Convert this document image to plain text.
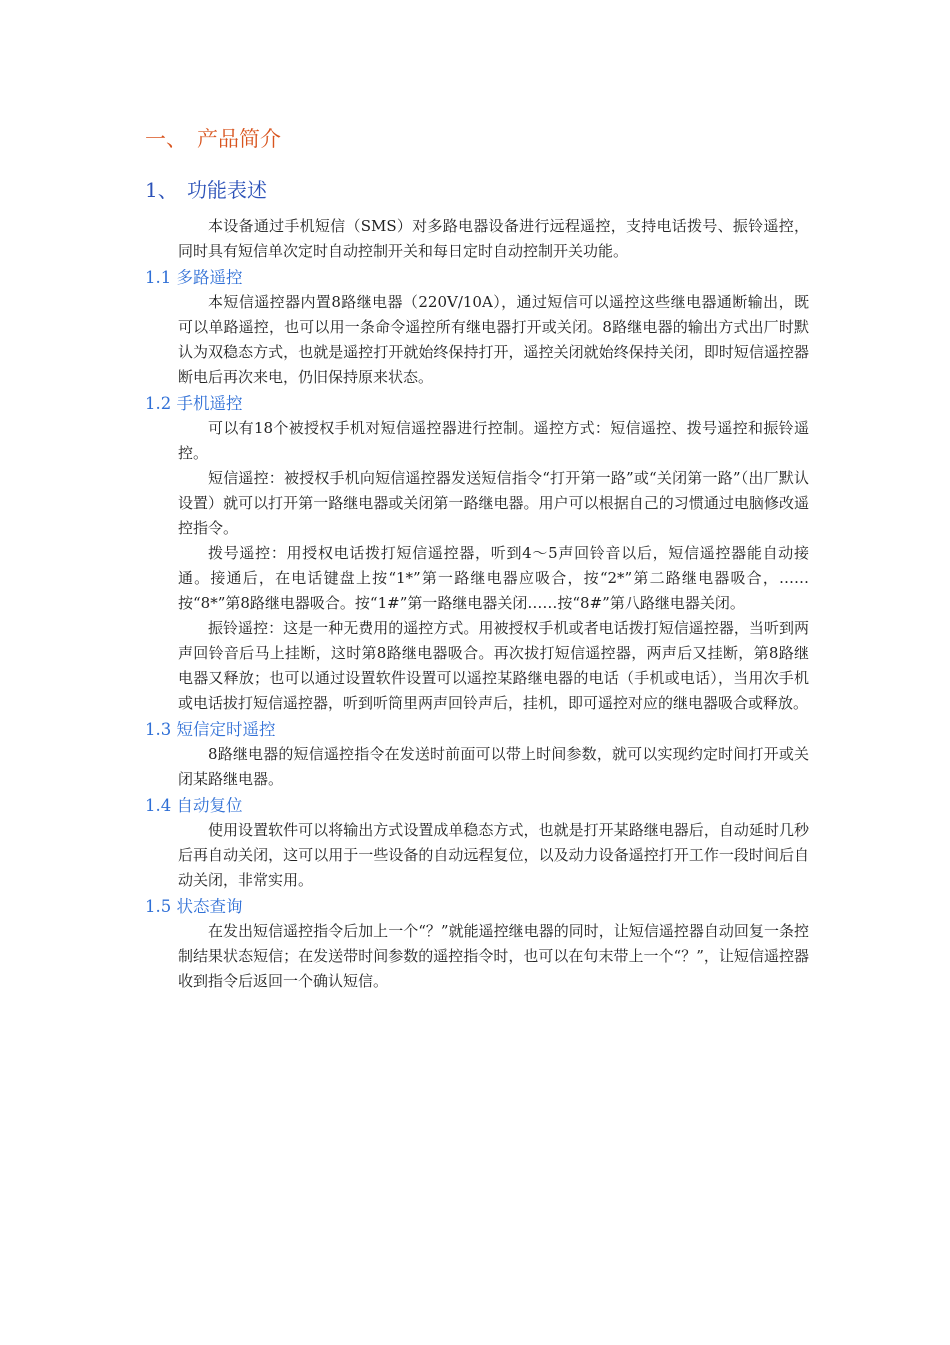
一、 产品简介
1、 功能表述

本设备通过手机短信（SMS）对多路电器设备进行远程遥控，支持电话拨号、振铃遥控，同时具有短信单次定时自动控制开关和每日定时自动控制开关功能。

1.1 多路遥控

本短信遥控器内置8路继电器（220V/10A），通过短信可以遥控这些继电器通断输出，既可以单路遥控，也可以用一条命令遥控所有继电器打开或关闭。8路继电器的输出方式出厂时默认为双稳态方式，也就是遥控打开就始终保持打开，遥控关闭就始终保持关闭，即时短信遥控器断电后再次来电，仍旧保持原来状态。

1.2 手机遥控

可以有18个被授权手机对短信遥控器进行控制。遥控方式：短信遥控、拨号遥控和振铃遥控。

短信遥控：被授权手机向短信遥控器发送短信指令“打开第一路”或“关闭第一路”（出厂默认设置）就可以打开第一路继电器或关闭第一路继电器。用户可以根据自己的习惯通过电脑修改遥控指令。

拨号遥控：用授权电话拨打短信遥控器，听到4～5声回铃音以后，短信遥控器能自动接通。接通后，在电话键盘上按“1*”第一路继电器应吸合，按“2*”第二路继电器吸合，……按“8*”第8路继电器吸合。按“1#”第一路继电器关闭……按“8#”第八路继电器关闭。

振铃遥控：这是一种无费用的遥控方式。用被授权手机或者电话拨打短信遥控器，当听到两声回铃音后马上挂断，这时第8路继电器吸合。再次拔打短信遥控器，两声后又挂断，第8路继电器又释放；也可以通过设置软件设置可以遥控某路继电器的电话（手机或电话），当用次手机或电话拔打短信遥控器，听到听筒里两声回铃声后，挂机，即可遥控对应的继电器吸合或释放。

1.3 短信定时遥控

8路继电器的短信遥控指令在发送时前面可以带上时间参数，就可以实现约定时间打开或关闭某路继电器。

1.4 自动复位

使用设置软件可以将输出方式设置成单稳态方式，也就是打开某路继电器后，自动延时几秒后再自动关闭，这可以用于一些设备的自动远程复位，以及动力设备遥控打开工作一段时间后自动关闭，非常实用。

1.5 状态查询

在发出短信遥控指令后加上一个“？”就能遥控继电器的同时，让短信遥控器自动回复一条控制结果状态短信；在发送带时间参数的遥控指令时，也可以在句末带上一个“？”，让短信遥控器收到指令后返回一个确认短信。
